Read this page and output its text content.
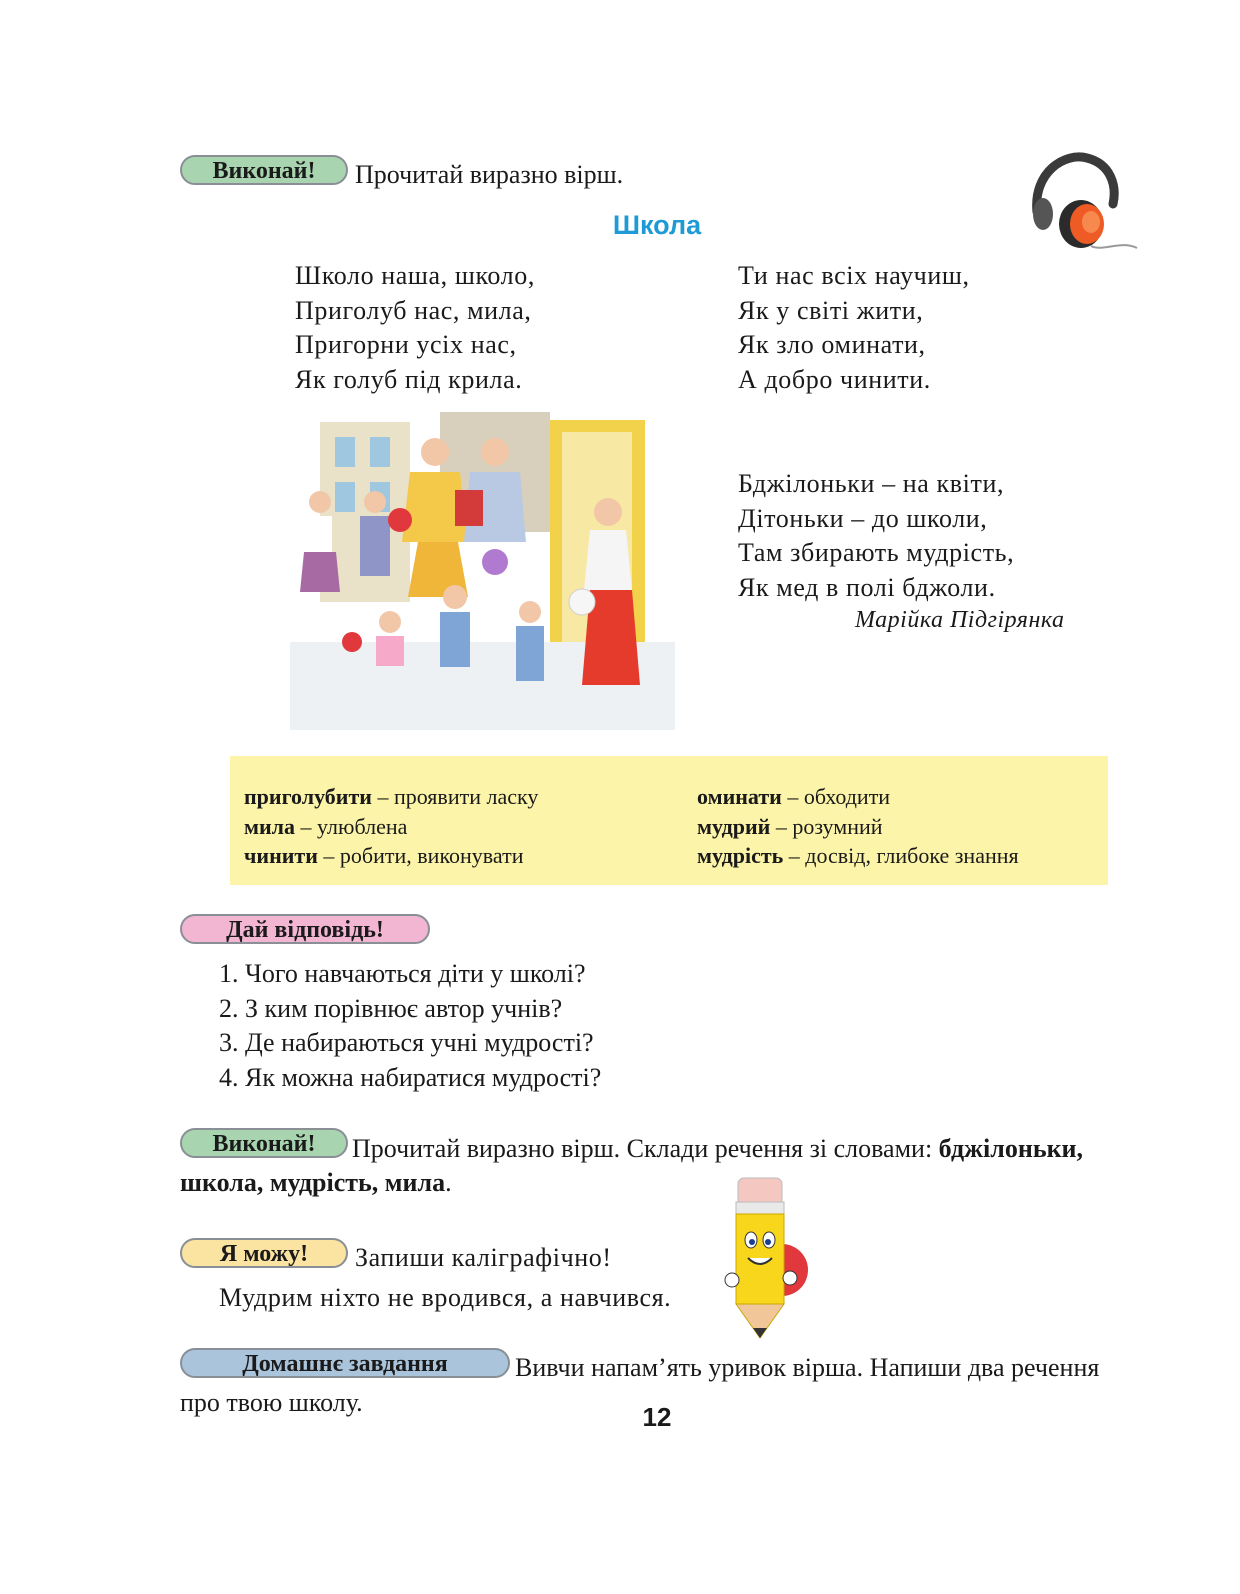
Виконай!	Прочитай виразно вірш.
Школа
Школо наша, школо,
Приголуб нас, мила,
Пригорни усіх нас,
Як голуб під крила.
Ти нас всіх научиш,
Як у світі жити,
Як зло оминати,
А добро чинити.
Бджілоньки – на квіти,
Дітоньки – до школи,
Там збирають мудрість,
Як мед в полі бджоли.
Марійка Підгірянка
приголубити – проявити ласку
мила – улюблена
чинити – робити, виконувати
оминати – обходити
мудрий – розумний
мудрість – досвід, глибоке знання
Дай відповідь!
1. Чого навчаються діти у школі?
2. З ким порівнює автор учнів?
3. Де набираються учні мудрості?
4. Як можна набиратися мудрості?
Виконай!	Прочитай виразно вірш. Склади речення зі словами: бджілоньки,
школа, мудрість, мила.
Я можу!	Запиши каліграфічно!
Мудрим ніхто не вродився, а навчився.
Домашнє завдання	Вивчи напам’ять уривок вірша. Напиши два речення
про твою школу.	12
